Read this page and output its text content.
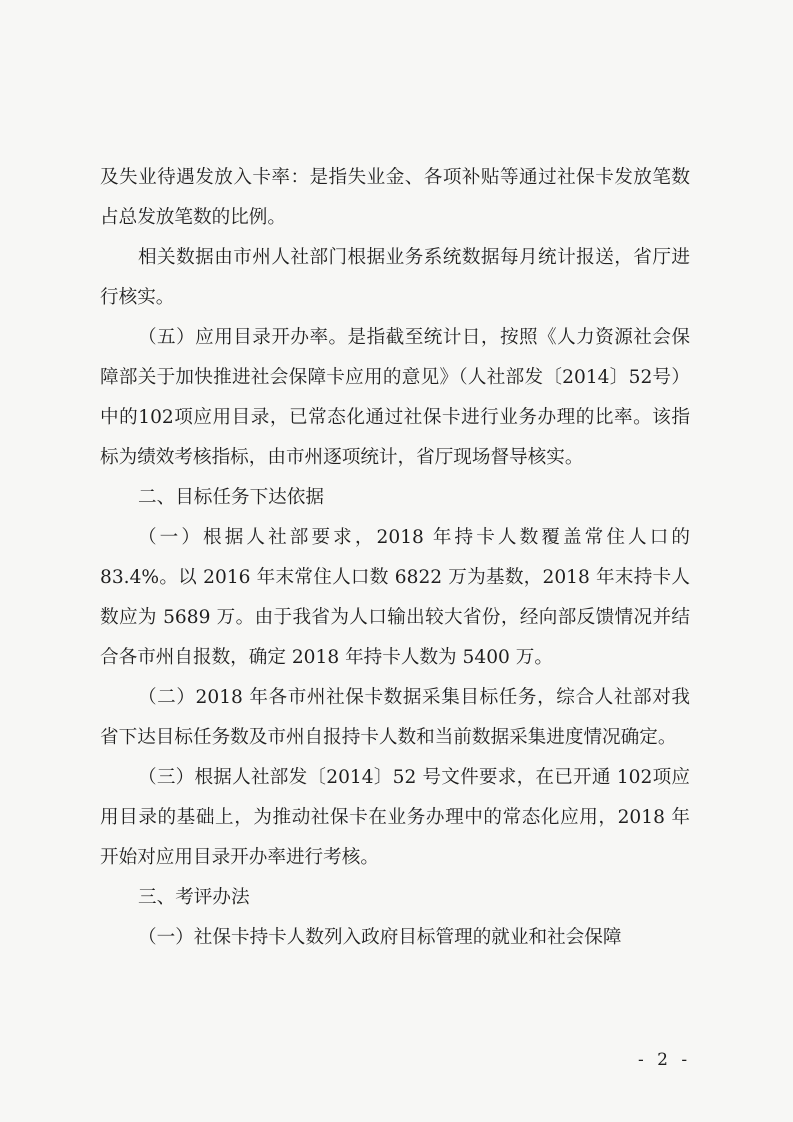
及失业待遇发放入卡率：是指失业金、各项补贴等通过社保卡发放笔数占总发放笔数的比例。

相关数据由市州人社部门根据业务系统数据每月统计报送，省厅进行核实。

（五）应用目录开办率。是指截至统计日，按照《人力资源社会保障部关于加快推进社会保障卡应用的意见》（人社部发〔2014〕52号）中的102项应用目录，已常态化通过社保卡进行业务办理的比率。该指标为绩效考核指标，由市州逐项统计，省厅现场督导核实。

二、目标任务下达依据

（一）根据人社部要求，2018 年持卡人数覆盖常住人口的83.4%。以 2016 年末常住人口数 6822 万为基数，2018 年末持卡人数应为 5689 万。由于我省为人口输出较大省份，经向部反馈情况并结合各市州自报数，确定 2018 年持卡人数为 5400 万。

（二）2018 年各市州社保卡数据采集目标任务，综合人社部对我省下达目标任务数及市州自报持卡人数和当前数据采集进度情况确定。

（三）根据人社部发〔2014〕52 号文件要求，在已开通 102项应用目录的基础上，为推动社保卡在业务办理中的常态化应用，2018 年开始对应用目录开办率进行考核。

三、考评办法

（一）社保卡持卡人数列入政府目标管理的就业和社会保障

- 2 -
